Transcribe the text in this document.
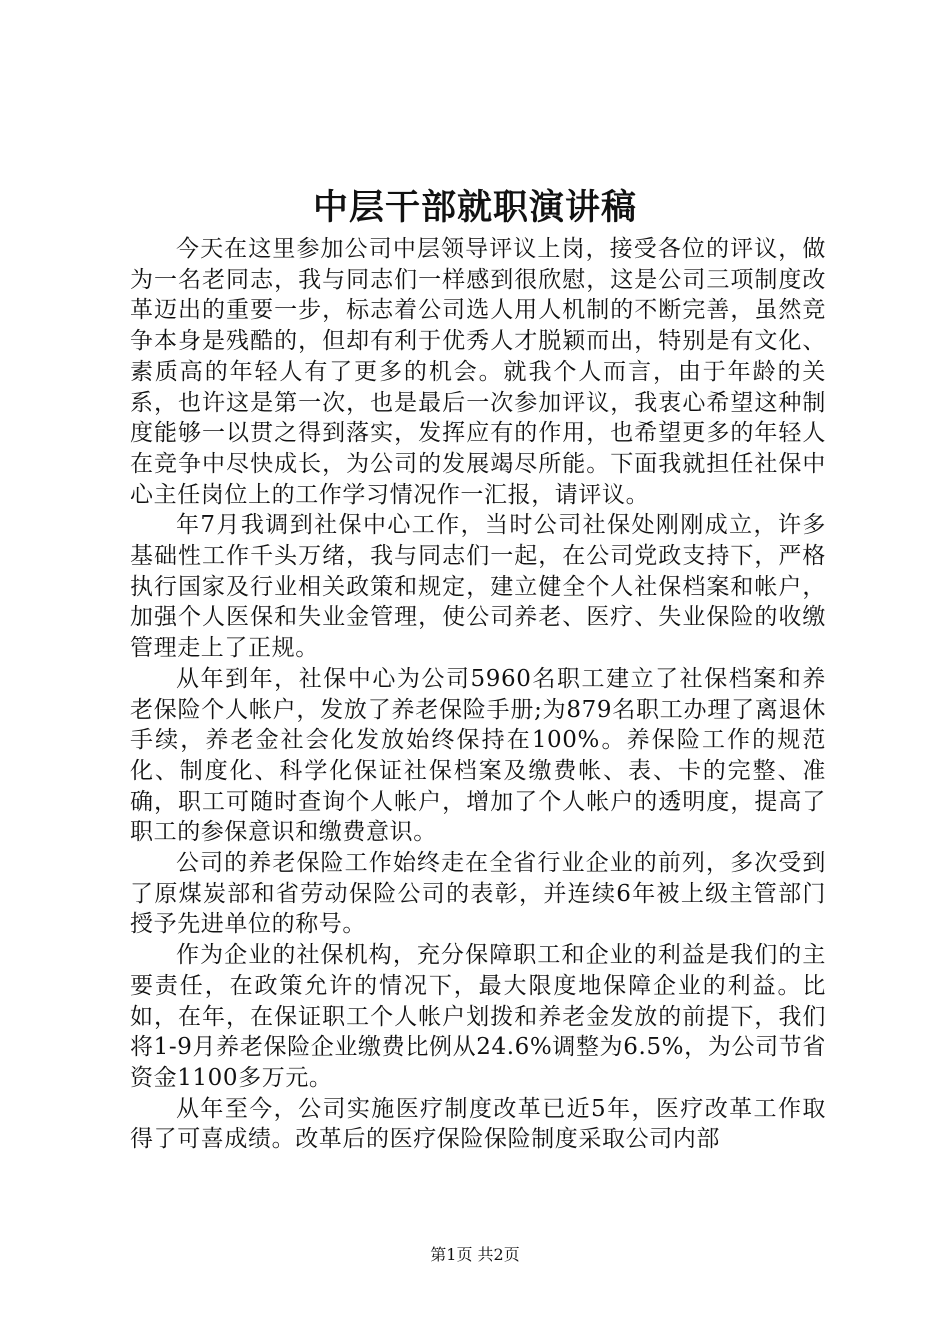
中层干部就职演讲稿

今天在这里参加公司中层领导评议上岗，接受各位的评议，做为一名老同志，我与同志们一样感到很欣慰，这是公司三项制度改革迈出的重要一步，标志着公司选人用人机制的不断完善，虽然竞争本身是残酷的，但却有利于优秀人才脱颖而出，特别是有文化、素质高的年轻人有了更多的机会。就我个人而言，由于年龄的关系，也许这是第一次，也是最后一次参加评议，我衷心希望这种制度能够一以贯之得到落实，发挥应有的作用，也希望更多的年轻人在竞争中尽快成长，为公司的发展竭尽所能。下面我就担任社保中心主任岗位上的工作学习情况作一汇报，请评议。

年7月我调到社保中心工作，当时公司社保处刚刚成立，许多基础性工作千头万绪，我与同志们一起，在公司党政支持下，严格执行国家及行业相关政策和规定，建立健全个人社保档案和帐户，加强个人医保和失业金管理，使公司养老、医疗、失业保险的收缴管理走上了正规。

从年到年，社保中心为公司5960名职工建立了社保档案和养老保险个人帐户，发放了养老保险手册;为879名职工办理了离退休手续，养老金社会化发放始终保持在100%。养保险工作的规范化、制度化、科学化保证社保档案及缴费帐、表、卡的完整、准确，职工可随时查询个人帐户，增加了个人帐户的透明度，提高了职工的参保意识和缴费意识。

公司的养老保险工作始终走在全省行业企业的前列，多次受到了原煤炭部和省劳动保险公司的表彰，并连续6年被上级主管部门授予先进单位的称号。

作为企业的社保机构，充分保障职工和企业的利益是我们的主要责任，在政策允许的情况下，最大限度地保障企业的利益。比如，在年，在保证职工个人帐户划拨和养老金发放的前提下，我们将1-9月养老保险企业缴费比例从24.6%调整为6.5%，为公司节省资金1100多万元。

从年至今，公司实施医疗制度改革已近5年，医疗改革工作取得了可喜成绩。改革后的医疗保险保险制度采取公司内部

第1页 共2页
